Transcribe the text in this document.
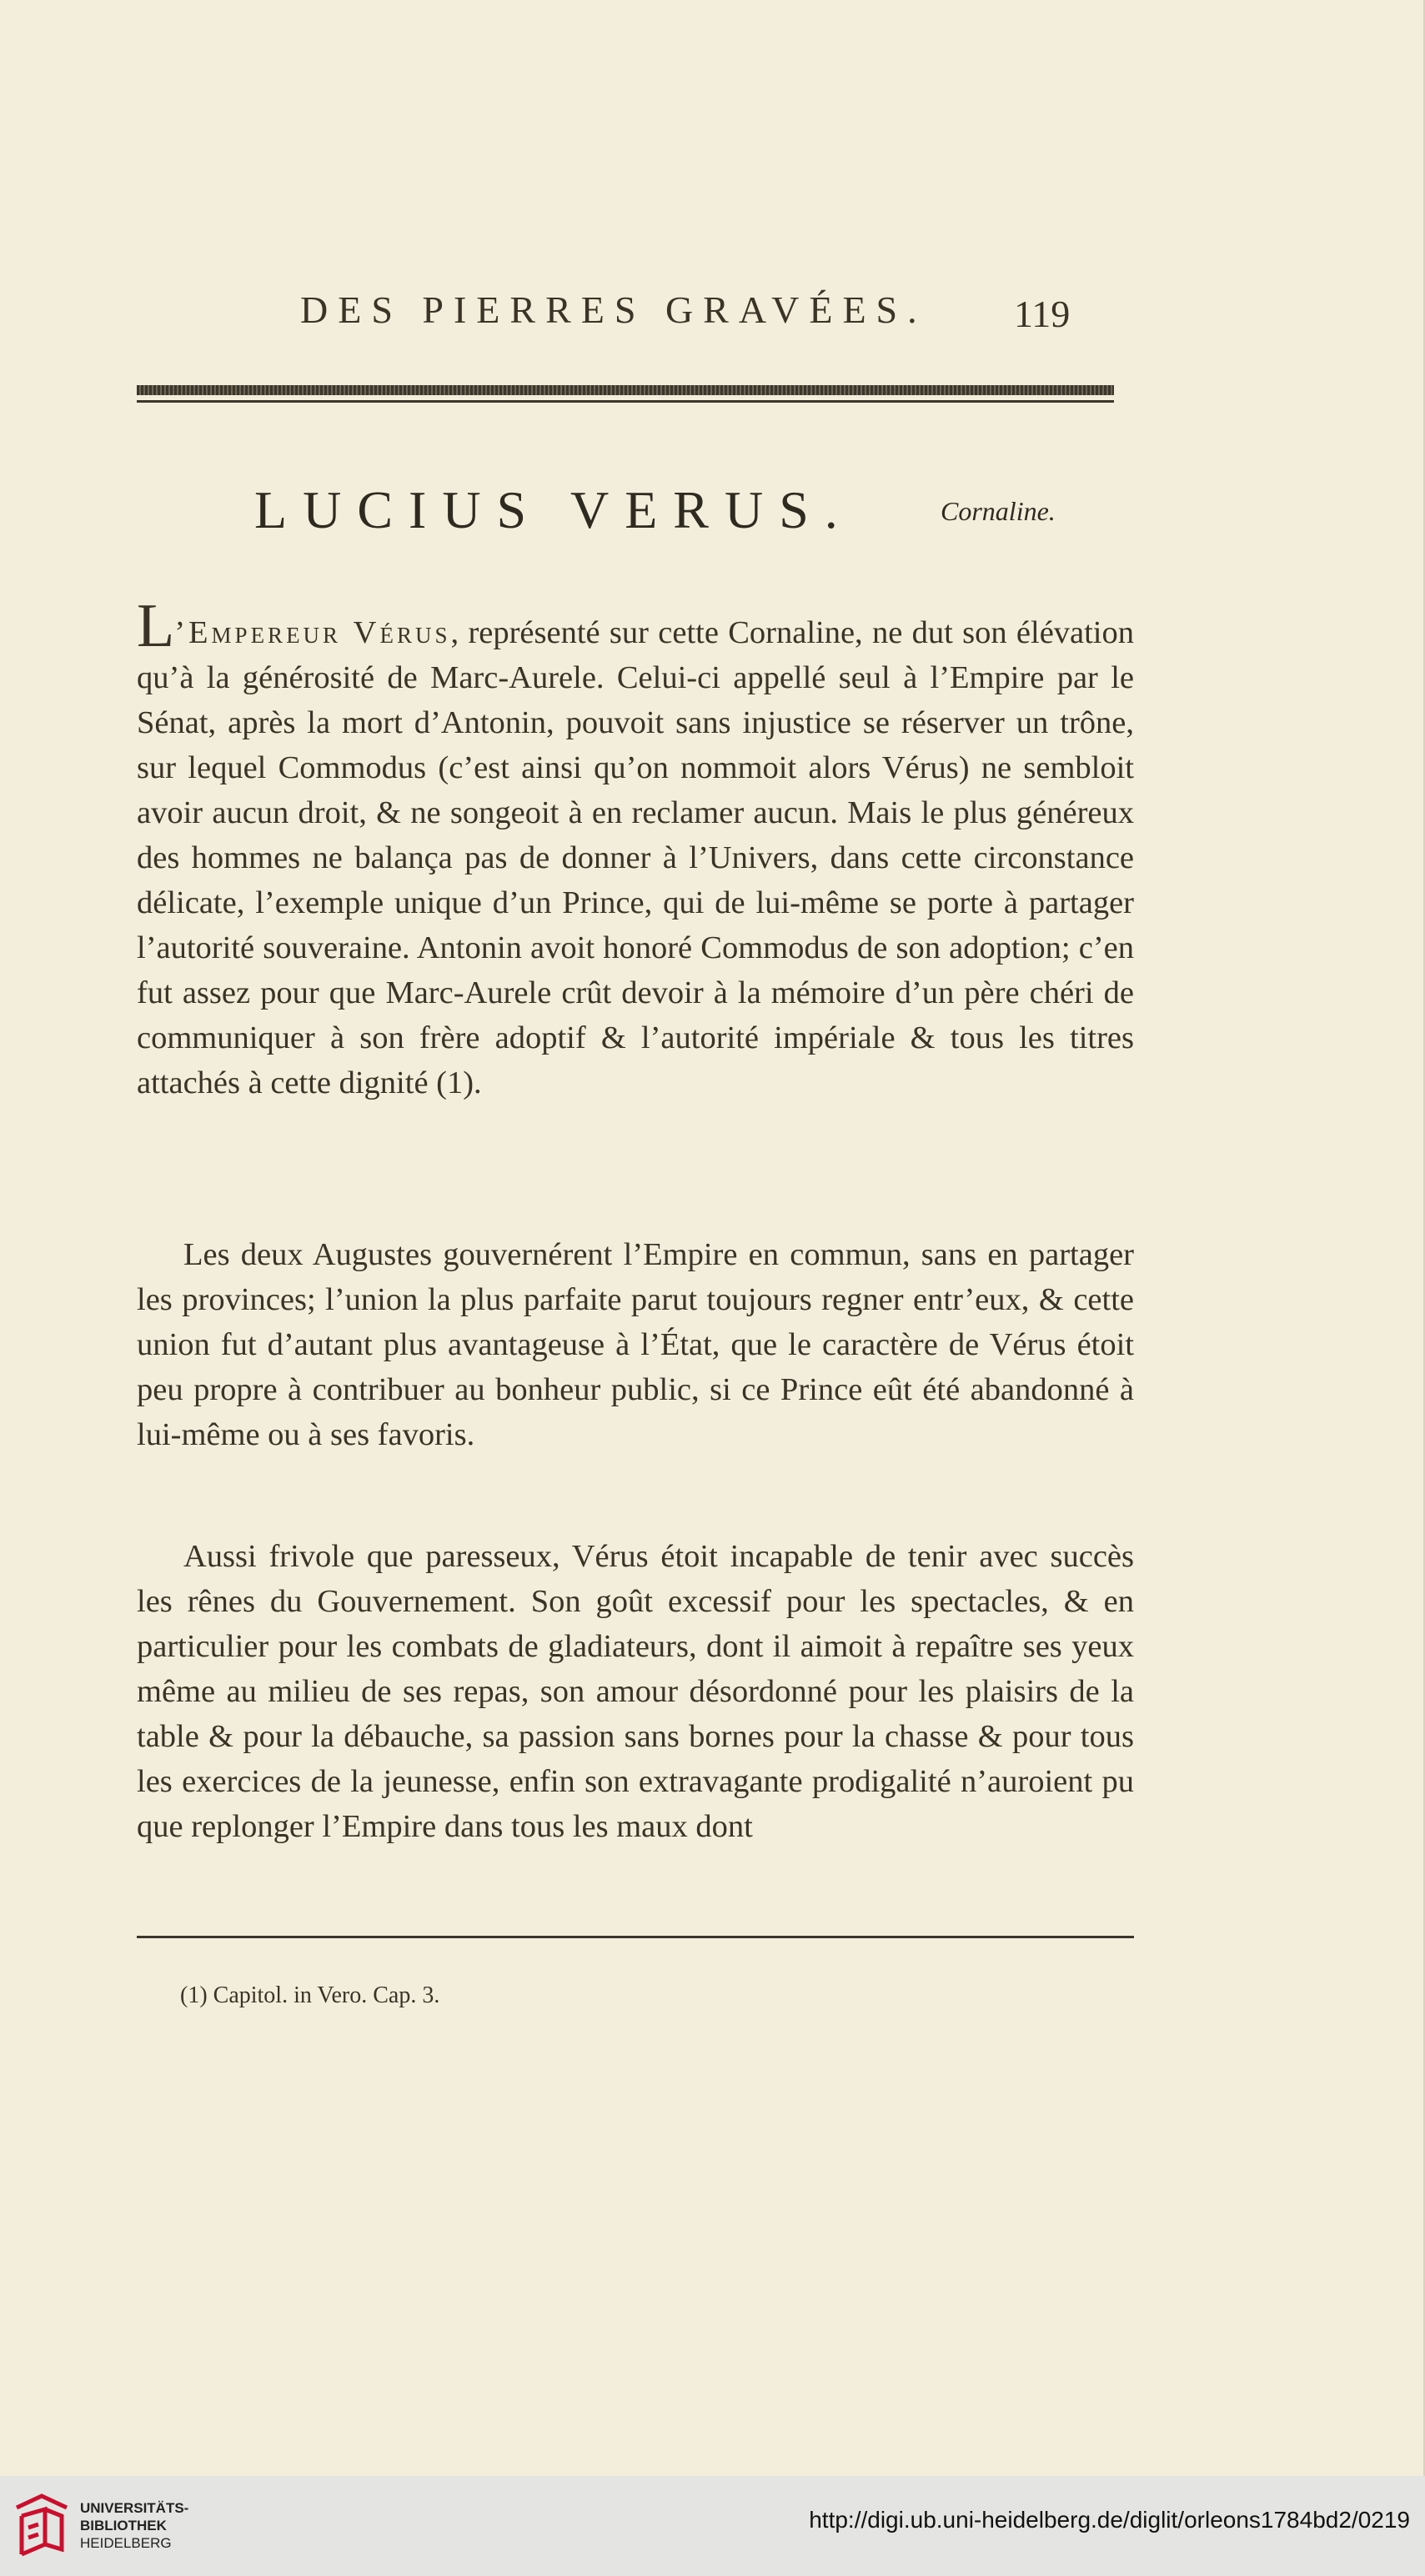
DES PIERRES GRAVÉES. 119
LUCIUS VERUS.	Cornaline.

L’Empereur Vérus, représenté sur cette Cornaline, ne dut son élévation qu’à la générosité de Marc-Aurele. Celui-ci appellé seul à l’Empire par le Sénat, après la mort d’Antonin, pouvoit sans injustice se réserver un trône, sur lequel Commodus (c’est ainsi qu’on nommoit alors Vérus) ne sembloit avoir aucun droit, & ne songeoit à en reclamer aucun. Mais le plus généreux des hommes ne balança pas de donner à l’Univers, dans cette circonstance délicate, l’exemple unique d’un Prince, qui de lui-même se porte à partager l’autorité souveraine. Antonin avoit honoré Commodus de son adoption; c’en fut assez pour que Marc-Aurele crût devoir à la mémoire d’un père chéri de communiquer à son frère adoptif & l’autorité impériale & tous les titres attachés à cette dignité (1).

Les deux Augustes gouvernérent l’Empire en commun, sans en partager les provinces; l’union la plus parfaite parut toujours regner entr’eux, & cette union fut d’autant plus avantageuse à l’État, que le caractère de Vérus étoit peu propre à contribuer au bonheur public, si ce Prince eût été abandonné à lui-même ou à ses favoris.

Aussi frivole que paresseux, Vérus étoit incapable de tenir avec succès les rênes du Gouvernement. Son goût excessif pour les spectacles, & en particulier pour les combats de gladiateurs, dont il aimoit à repaître ses yeux même au milieu de ses repas, son amour désordonné pour les plaisirs de la table & pour la débauche, sa passion sans bornes pour la chasse & pour tous les exercices de la jeunesse, enfin son extravagante prodigalité n’auroient pu que replonger l’Empire dans tous les maux dont

(1) Capitol. in Vero. Cap. 3.
UNIVERSITÄTS-
BIBLIOTHEK
HEIDELBERG
http://digi.ub.uni-heidelberg.de/diglit/orleons1784bd2/0219
